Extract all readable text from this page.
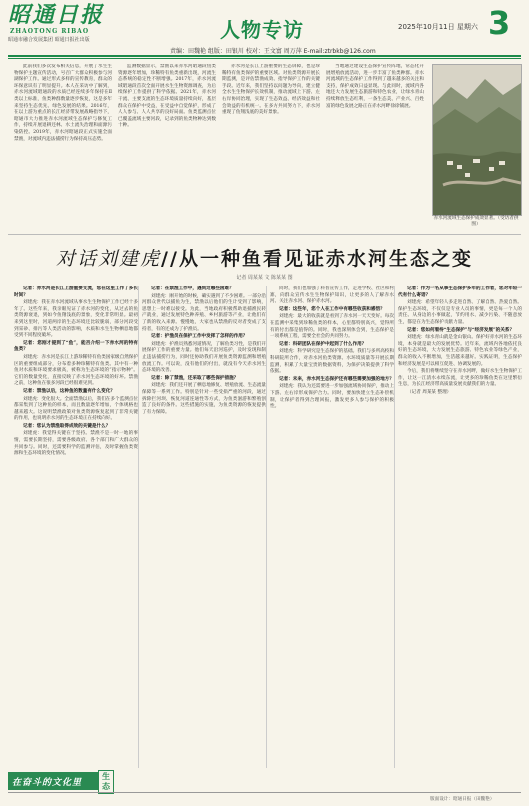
昭通日报
ZHAOTONG RIBAO
昭通市融合发展集团 昭通日报社出版	人物专访	2025年10月11日 星期六 3
责编：田魏艳 组版：田银川 校对：王文富 周万萍 E-mail:ztrbkb@126.com

此前我们多次发布相关信息，开展了水生生物保护主题宣传活动，号召广大群众积极参与河湖保护工作。通过形式多样的宣传教育，群众的环保意识有了明显提升。本人在采访中了解到，赤水河流域昭通段的水质已经连续多年保持在Ⅱ类以上标准，鱼类种群数量逐步恢复，这是多年来坚持生态优先、绿色发展的结果。2016年，在以上游为重点的长江经济带发展战略指导下，昭通市大力推进赤水河流域生态保护与修复工作，持续开展退耕还林、水土流失治理和面源污染防控。2019年，赤水河昭通段正式实施全面禁渔，对流域内违法捕捞行为保持高压态势。

监测数据显示，禁渔以来赤水河昭通段鱼类资源逐年增加，珍稀特有鱼类重新出现，河流生态系统的稳定性不断增强。2017年，赤水河流域昭通段首次全面开展水生生物资源调查，为后续保护工作提供了科学依据。2021年，赤水河干流、主要支流的生态环境质量持续向好，基层群众在保护中受益，在受益中自觉保护，形成了人人参与、人人共享的良好局面。鱼类监测点位已覆盖流域主要河段，记录到的鱼类物种达到数十种。

赤水河是长江上游重要的生态屏障，也是珍稀特有鱼类保护的重要区域。对鱼类资源开展长期监测，是评估禁渔成效、指导保护工作的关键手段。近年来，我们坚持以问题为导向，建立健全水生生物保护长效机制，推动流域上下游、左右岸协同治理，实现了生态效益、经济效益和社会效益的有机统一。在多方共同努力下，赤水河重现了鱼翔浅底的美好景象。

当地通过建设生态保护宣传阵地，常态化开展增殖放流活动，进一步丰富了鱼类种群。赤水河流域的生态保护工作得到了越来越多的关注和支持，保护成效日益显现。与此同时，流域内各地还大力发展生态旅游和特色农业，让绿水青山持续释放生态红利，一条生态美、产业兴、百姓富的绿色发展之路正在赤水河畔徐徐铺展。

赤水河流域生态保护成效显著。（受访者供图）
对话刘建虎//从一种鱼看见证赤水河生态之变
记者 周某某 文 陈某某 图

记者：赤水河是长江上游重要支流，您在这里工作了多长时间？

刘建虎：我在赤水河流域从事水生生物保护工作已经十多年了。这些年来，我亲眼见证了赤水河的变化，从过去的鱼类资源衰退，到如今鱼翔浅底的景象，变化非常明显。最初来到这里时，河道两岸的生态环境还比较脆弱，部分河段受到采砂、排污等人类活动的影响，水质和水生生物栖息地都受到不同程度破坏。

记者：您刚才提到了“鱼”，能否介绍一下赤水河的特有鱼类？

刘建虎：赤水河是长江上游珍稀特有鱼类国家级自然保护区的重要组成部分，分布着多种珍稀特有鱼类。其中有一种鱼对水质和环境要求极高，被称为生态环境的“指示物种”。它们的数量变化，直接反映了赤水河生态环境的好坏。禁渔之前，这种鱼在很多河段已经很难见到。

记者：禁渔以后，这种鱼的数量有什么变化？

刘建虎：变化很大。全面禁渔以后，我们在多个监测点位都采集到了这种鱼的样本，而且数量逐年增加，个体规格也越来越大。这说明禁渔政策对鱼类资源恢复起到了非常关键的作用，也说明赤水河的生态环境正在持续向好。

记者：您认为禁渔取得成效的关键是什么？

刘建虎：我觉得关键在于坚持。禁渔不是一时一地的事情，需要长期坚持，需要各级政府、各个部门和广大群众的共同参与。同时，还需要科学的监测评估，及时掌握鱼类资源和生态环境的变化情况。

记者：在禁渔工作中，遇到过哪些困难？

刘建虎：刚开始的时候，确实遇到了不少困难。一部分沿河群众世代以捕鱼为生，禁渔以后他们的生计受到了影响，思想上一时难以接受。为此，当地政府积极帮助退捕渔民转产就业，通过发展特色种养殖、乡村旅游等产业，让他们有了新的收入来源。慢慢地，大家也从禁渔的反对者变成了支持者，有的还成为了护渔员。

记者：护渔员在保护工作中发挥了怎样的作用？

刘建虎：护渔员熟悉河道情况，了解鱼类习性，是我们开展保护工作的重要力量。他们每天沿河巡护，及时发现和制止违法捕捞行为，同时还协助我们开展鱼类资源监测和增殖放流工作。可以说，没有他们的付出，就没有今天赤水河生态环境的改善。

记者：除了禁渔，还采取了哪些保护措施？

刘建虎：我们还开展了栖息地修复、增殖放流、生态流量保障等一系列工作。特别是针对一些受损严重的河段，通过拆除拦河坝、恢复河道连通性等方式，为鱼类洄游和繁殖创造了良好的条件。这些措施的实施，为鱼类资源的恢复提供了有力保障。

同时，我们也加强了科普宣传工作，走进学校、社区和村寨，向群众宣传水生生物保护知识，让更多的人了解赤水河、关注赤水河、保护赤水河。

记者：这些年，您个人在工作中有哪些收获和感悟？

刘建虎：最大的收获就是看到了赤水河一天天变好。每次在监测中采集到珍稀鱼类的样本，心里都特别高兴，觉得所有的付出都是值得的。同时，我也深刻体会到，生态保护是一项系统工程，需要全社会的共同努力。

记者：科研团队在保护中起到了什么作用？

刘建虎：科学研究是生态保护的基础。我们与多所高校和科研院所合作，对赤水河鱼类资源、水环境质量等开展长期监测，积累了大量宝贵的数据资料，为保护决策提供了科学依据。

记者：未来，赤水河生态保护还有哪些需要加强的地方？

刘建虎：我认为还需要进一步加强流域协同保护，推动上下游、左右岸形成保护合力。同时，要加快建立生态补偿机制，让保护者得到合理回报，激发更多人参与保护的积极性。

记者：作为一名从事生态保护多年的工作者，您对年轻一代有什么寄语？

刘建虎：希望年轻人多走进自然、了解自然、热爱自然。保护生态环境，不仅仅是专业人员的事情，更是每一个人的责任。从身边的小事做起，节约用水、减少污染、不随意放生，都是在为生态保护贡献力量。

记者：您如何看待“生态保护”与“经济发展”的关系？

刘建虎：绿水青山就是金山银山。保护好赤水河的生态环境，本身就是最大的发展优势。近年来，流域内各地依托良好的生态环境，大力发展生态旅游、特色农业等绿色产业，群众的收入不断增加，生活越来越好。实践证明，生态保护和经济发展是可以相互促进、协调发展的。

今后，我们将继续坚守在赤水河畔，做好水生生物保护工作，让这一江清水永续东流，让更多的珍稀鱼类在这里繁衍生息，为长江经济带高质量发展贡献我们的力量。

（记者 周某某 整理）

在奋斗的文化里
生态
版面设计：昭通日报（田魏艳）
